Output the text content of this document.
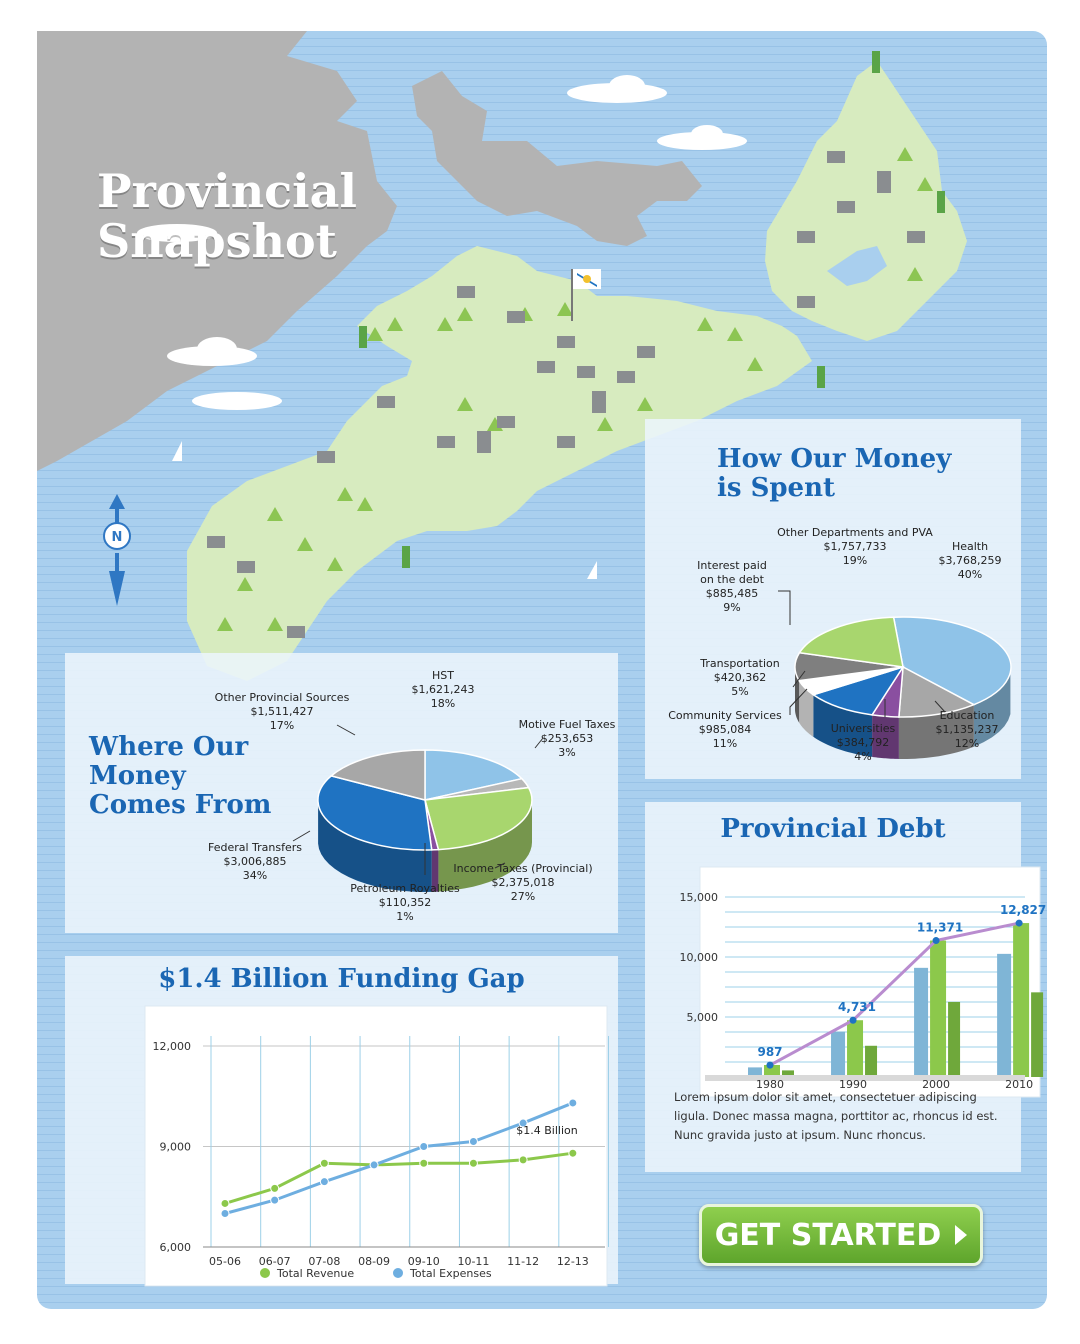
N
Provincial
Snapshot
How Our Money is Spent
Health $3,768,259 40%
Education $1,135,237 12%
Universities $384,792 4%
Community Services $985,084 11%
Transportation $420,362 5%
Interest paid on the debt $885,485 9%
Other Departments and PVA $1,757,733 19%
Where Our Money Comes From
HST $1,621,243 18%
Motive Fuel Taxes $253,653 3%
Income Taxes (Provincial) $2,375,018 27%
Petroleum Royalties $110,352 1%
Federal Transfers $3,006,885 34%
Other Provincial Sources $1,511,427 17%
Provincial Debt
15,000
10,000
5,000
987
4,731
11,371
12,827
1980	1990	2000	2010
Lorem ipsum dolor sit amet, consectetuer adipiscing ligula. Donec massa magna, porttitor ac, rhoncus id est. Nunc gravida justo at ipsum. Nunc rhoncus.
$1.4 Billion Funding Gap
12,000
9,000
6,000
05-06 06-07 07-08 08-09 09-10 10-11 11-12 12-13
$1.4 Billion
Total Revenue	Total Expenses
GET STARTED
